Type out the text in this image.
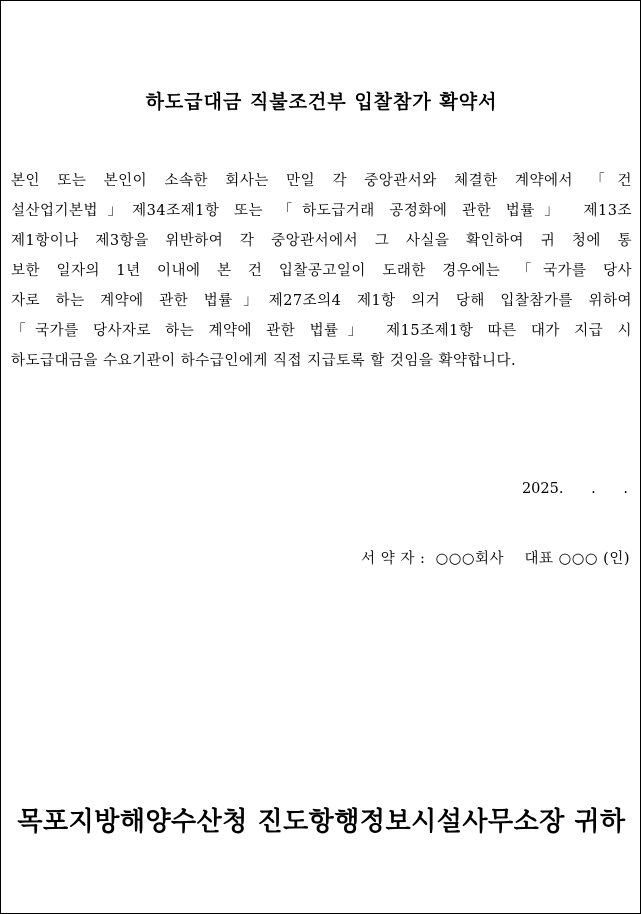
하도급대금 직불조건부 입찰참가 확약서
본인 또는 본인이 소속한 회사는 만일 각 중앙관서와 체결한 계약에서 「건
설산업기본법」제34조제1항 또는 「하도급거래 공정화에 관한 법률」 제13조
제1항이나 제3항을 위반하여 각 중앙관서에서 그 사실을 확인하여 귀 청에 통
보한 일자의 1년 이내에 본 건 입찰공고일이 도래한 경우에는 「국가를 당사
자로 하는 계약에 관한 법률」제27조의4 제1항 의거 당해 입찰참가를 위하여
「국가를 당사자로 하는 계약에 관한 법률」 제15조제1항 따른 대가 지급 시
하도급대금을 수요기관이 하수급인에게 직접 지급토록 할 것임을 확약합니다.
2025.      .      .
서 약 자 :  ○○○회사    대표 ○○○ (인)
목포지방해양수산청 진도항행정보시설사무소장 귀하
